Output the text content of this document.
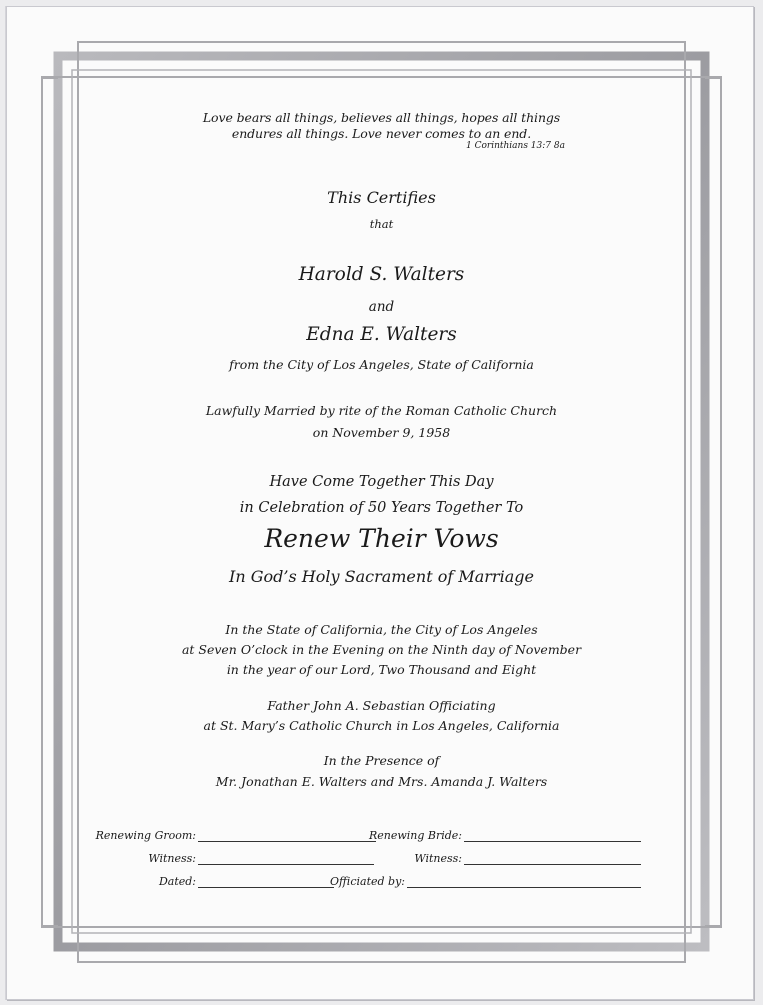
Love bears all things, believes all things, hopes all things
endures all things. Love never comes to an end.
1 Corinthians 13:7 8a
This Certifies
that
Harold S. Walters
and
Edna E. Walters
from the City of Los Angeles, State of California
Lawfully Married by rite of the Roman Catholic Church
on November 9, 1958
Have Come Together This Day
in Celebration of 50 Years Together To
Renew Their Vows
In God’s Holy Sacrament of Marriage
In the State of California, the City of Los Angeles
at Seven O’clock in the Evening on the Ninth day of November
in the year of our Lord, Two Thousand and Eight
Father John A. Sebastian Officiating
at St. Mary’s Catholic Church in Los Angeles, California
In the Presence of
Mr. Jonathan E. Walters and Mrs. Amanda J. Walters
Renewing Groom:	Renewing Bride:
Witness:	Witness:
Dated:	Officiated by:
